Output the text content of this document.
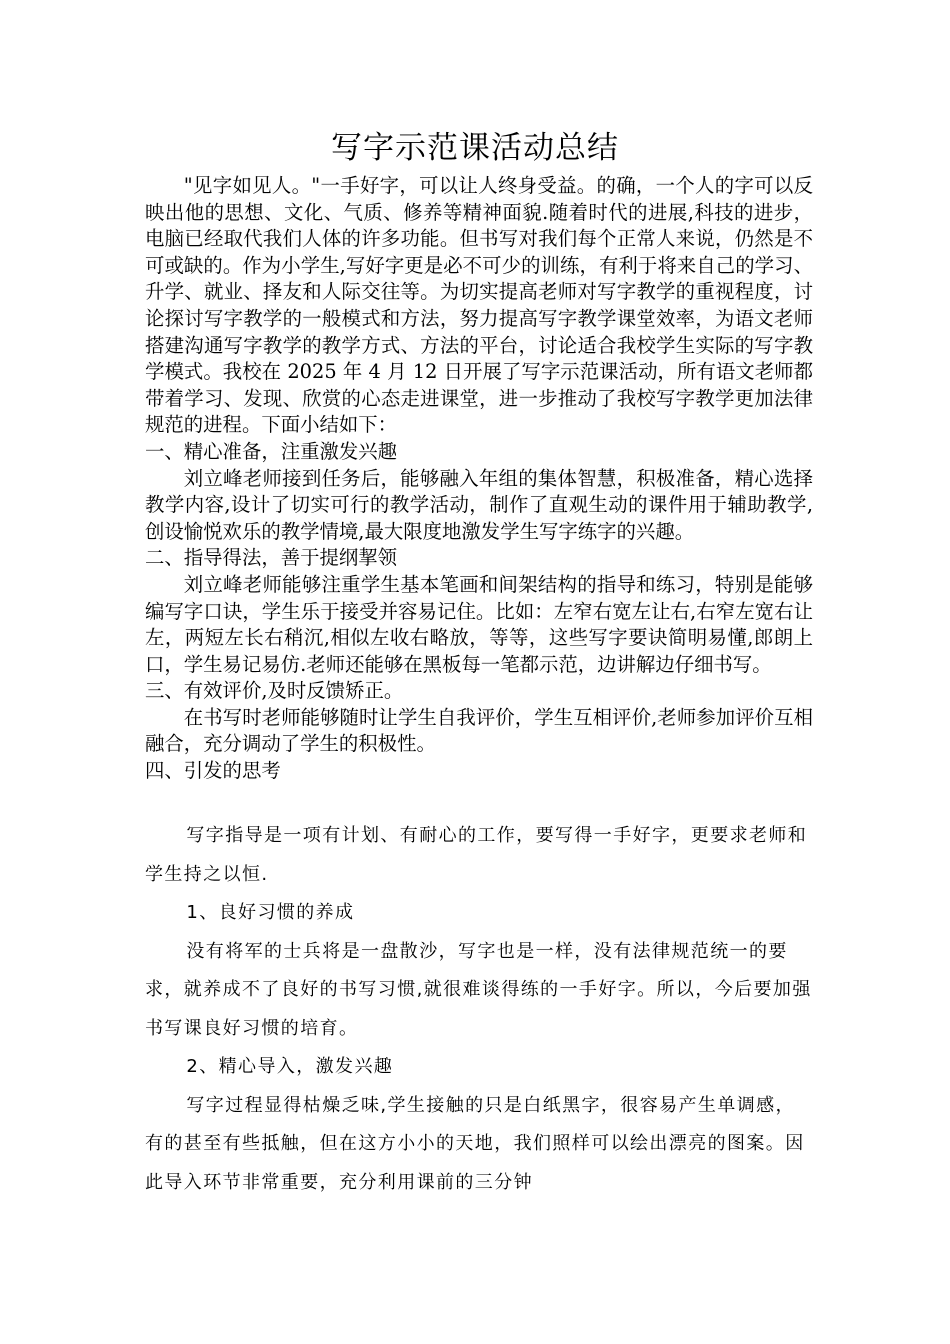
写字示范课活动总结

"见字如见人。"一手好字，可以让人终身受益。的确，一个人的字可以反映出他的思想、文化、气质、修养等精神面貌.随着时代的进展,科技的进步，电脑已经取代我们人体的许多功能。但书写对我们每个正常人来说，仍然是不可或缺的。作为小学生,写好字更是必不可少的训练，有利于将来自己的学习、升学、就业、择友和人际交往等。为切实提高老师对写字教学的重视程度，讨论探讨写字教学的一般模式和方法，努力提高写字教学课堂效率，为语文老师搭建沟通写字教学的教学方式、方法的平台，讨论适合我校学生实际的写字教学模式。我校在 2025 年 4 月 12 日开展了写字示范课活动，所有语文老师都带着学习、发现、欣赏的心态走进课堂，进一步推动了我校写字教学更加法律规范的进程。下面小结如下：

一、精心准备，注重激发兴趣

刘立峰老师接到任务后，能够融入年组的集体智慧，积极准备，精心选择教学内容,设计了切实可行的教学活动，制作了直观生动的课件用于辅助教学,创设愉悦欢乐的教学情境,最大限度地激发学生写字练字的兴趣。

二、指导得法，善于提纲挈领

刘立峰老师能够注重学生基本笔画和间架结构的指导和练习，特别是能够编写字口诀，学生乐于接受并容易记住。比如：左窄右宽左让右,右窄左宽右让左，两短左长右稍沉,相似左收右略放，等等，这些写字要诀简明易懂,郎朗上口，学生易记易仿.老师还能够在黑板每一笔都示范，边讲解边仔细书写。

三、有效评价,及时反馈矫正。

在书写时老师能够随时让学生自我评价，学生互相评价,老师参加评价互相融合，充分调动了学生的积极性。

四、引发的思考

写字指导是一项有计划、有耐心的工作，要写得一手好字，更要求老师和学生持之以恒.

1、良好习惯的养成

没有将军的士兵将是一盘散沙，写字也是一样，没有法律规范统一的要求，就养成不了良好的书写习惯,就很难谈得练的一手好字。所以，今后要加强书写课良好习惯的培育。

2、精心导入，激发兴趣

写字过程显得枯燥乏味,学生接触的只是白纸黑字，很容易产生单调感，有的甚至有些抵触，但在这方小小的天地，我们照样可以绘出漂亮的图案。因此导入环节非常重要，充分利用课前的三分钟
